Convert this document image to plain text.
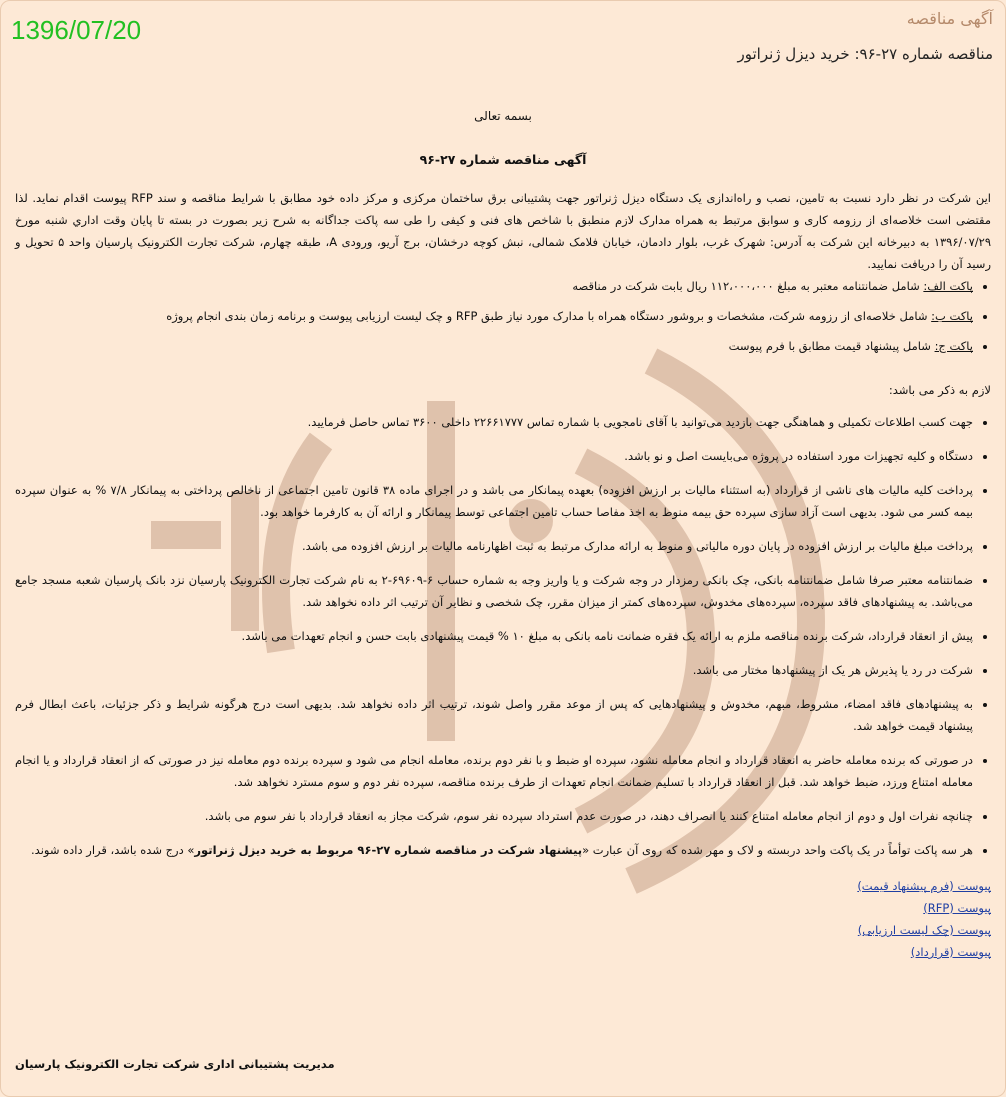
1396/07/20	آگهی مناقصه
مناقصه شماره ۲۷-۹۶: خرید دیزل ژنراتور
بسمه تعالی
آگهی مناقصه شماره ۲۷-۹۶

این شرکت در نظر دارد نسبت به تامین، نصب و راه‌اندازی یک دستگاه دیزل ژنراتور جهت پشتیبانی برق ساختمان مرکزی و مرکز داده خود مطابق با شرایط مناقصه و سند RFP پیوست اقدام نماید. لذا مقتضی است خلاصه‌ای از رزومه کاری و سوابق مرتبط به همراه مدارک لازم منطبق با شاخص های فنی و کیفی را طی سه پاکت جداگانه به شرح زیر بصورت در بسته تا پایان وقت اداري شنبه مورخ ۱۳۹۶/۰۷/۲۹ به دبیرخانه این شرکت به آدرس: شهرک غرب، بلوار دادمان، خیابان فلامک شمالی، نبش کوچه درخشان، برج آریو، ورودی A، طبقه چهارم، شرکت تجارت الکترونیک پارسیان واحد ۵ تحویل و رسید آن را دریافت نمایید.

• پاکت الف: شامل ضمانتنامه معتبر به مبلغ ۱۱۲،۰۰۰،۰۰۰ ریال بابت شرکت در مناقصه
• پاکت ب: شامل خلاصه‌ای از رزومه شرکت، مشخصات و بروشور دستگاه همراه با مدارک مورد نیاز طبق RFP و چک لیست ارزیابی پیوست و برنامه زمان بندی انجام پروژه
• پاکت ج: شامل پیشنهاد قیمت مطابق با فرم پیوست
لازم به ذکر می باشد:
• جهت کسب اطلاعات تکمیلی و هماهنگی جهت بازدید می‌توانید با آقای نامجویی با شماره تماس ۲۲۶۶۱۷۷۷ داخلی ۳۶۰۰ تماس حاصل فرمایید.
• دستگاه و کلیه تجهیزات مورد استفاده در پروژه می‌بایست اصل و نو باشد.
• پرداخت کلیه مالیات های ناشی از قرارداد (به استثناء مالیات بر ارزش افزوده) بعهده پیمانکار می باشد و در اجرای ماده ۳۸ قانون تامین اجتماعی از ناخالص پرداختی به پیمانکار ۷/۸ % به عنوان سپرده بیمه کسر می شود. بدیهی است آزاد سازی سپرده حق بیمه منوط به اخذ مفاصا حساب تامین اجتماعی توسط پیمانکار و ارائه آن به کارفرما خواهد بود.
• پرداخت مبلغ مالیات بر ارزش افزوده در پایان دوره مالیاتی و منوط به ارائه مدارک مرتبط به ثبت اظهارنامه مالیات بر ارزش افزوده می باشد.
• ضمانتنامه معتبر صرفا شامل ضمانتنامه بانکی، چک بانکی رمزدار در وجه شرکت و یا واریز وجه به شماره حساب ۶-۶۹۶۰۹-۲ به نام شرکت تجارت الکترونیک پارسیان نزد بانک پارسیان شعبه مسجد جامع می‌باشد. به پیشنهادهای فاقد سپرده، سپرده‌های مخدوش، سپرده‌های کمتر از میزان مقرر، چک شخصی و نظایر آن ترتیب اثر داده نخواهد شد.
• پیش از انعقاد قرارداد، شرکت برنده مناقصه ملزم به ارائه یک فقره ضمانت نامه بانکی به مبلغ ۱۰ % قیمت پیشنهادی بابت حسن و انجام تعهدات می باشد.
• شرکت در رد یا پذیرش هر یک از پیشنهادها مختار می باشد.
• به پیشنهادهای فاقد امضاء، مشروط، مبهم، مخدوش و پیشنهادهایی که پس از موعد مقرر واصل شوند، ترتیب اثر داده نخواهد شد. بدیهی است درج هرگونه شرایط و ذکر جزئیات، باعث ابطال فرم پیشنهاد قیمت خواهد شد.
• در صورتی که برنده معامله حاضر به انعقاد قرارداد و انجام معامله نشود، سپرده او ضبط و با نفر دوم برنده، معامله انجام می شود و سپرده برنده دوم معامله نیز در صورتی که از انعقاد قرارداد و یا انجام معامله امتناع ورزد، ضبط خواهد شد. قبل از انعقاد قرارداد با تسلیم ضمانت انجام تعهدات از طرف برنده مناقصه، سپرده نفر دوم و سوم مسترد نخواهد شد.
• چنانچه نفرات اول و دوم از انجام معامله امتناع کنند یا انصراف دهند، در صورت عدم استرداد سپرده نفر سوم، شرکت مجاز به انعقاد قرارداد با نفر سوم می باشد.
• هر سه پاکت توأماً در یک پاکت واحد دربسته و لاک و مهر شده که روی آن عبارت «پیشنهاد شرکت در مناقصه شماره ۲۷-۹۶ مربوط به خرید دیزل ژنراتور» درج شده باشد، قرار داده شوند.
پیوست (فرم پیشنهاد قیمت)
پیوست (RFP)
پیوست (چک لیست ارزیابی)
پیوست (قرارداد)
مدیریت پشتیبانی اداری شرکت تجارت الکترونیک پارسیان
